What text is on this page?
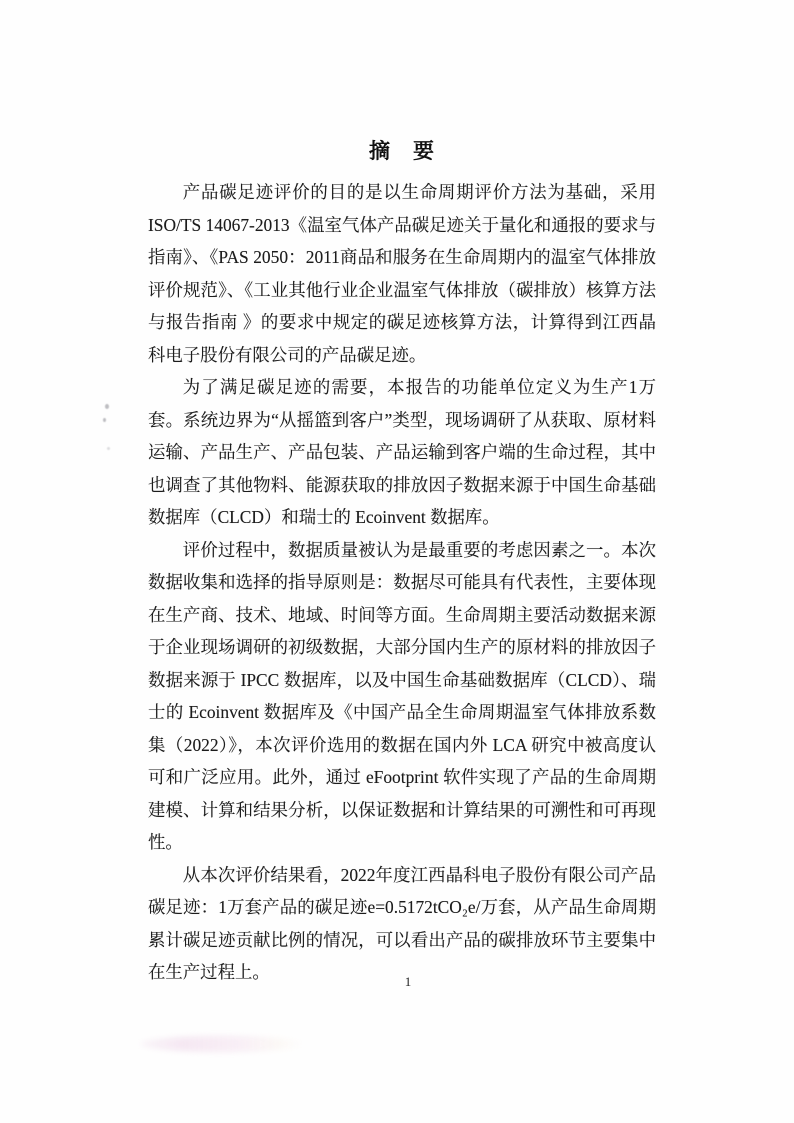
摘　要

产品碳足迹评价的目的是以生命周期评价方法为基础，采用ISO/TS 14067-2013《温室气体产品碳足迹关于量化和通报的要求与指南》、《PAS 2050：2011商品和服务在生命周期内的温室气体排放评价规范》、《工业其他行业企业温室气体排放（碳排放）核算方法与报告指南 》的要求中规定的碳足迹核算方法，计算得到江西晶科电子股份有限公司的产品碳足迹。

为了满足碳足迹的需要，本报告的功能单位定义为生产1万套。系统边界为“从摇篮到客户”类型，现场调研了从获取、原材料运输、产品生产、产品包装、产品运输到客户端的生命过程，其中也调查了其他物料、能源获取的排放因子数据来源于中国生命基础数据库（CLCD）和瑞士的 Ecoinvent 数据库。

评价过程中，数据质量被认为是最重要的考虑因素之一。本次数据收集和选择的指导原则是：数据尽可能具有代表性，主要体现在生产商、技术、地域、时间等方面。生命周期主要活动数据来源于企业现场调研的初级数据，大部分国内生产的原材料的排放因子数据来源于 IPCC 数据库，以及中国生命基础数据库（CLCD）、瑞士的 Ecoinvent 数据库及《中国产品全生命周期温室气体排放系数集（2022）》，本次评价选用的数据在国内外 LCA 研究中被高度认可和广泛应用。此外，通过 eFootprint 软件实现了产品的生命周期建模、计算和结果分析，以保证数据和计算结果的可溯性和可再现性。

从本次评价结果看，2022年度江西晶科电子股份有限公司产品碳足迹：1万套产品的碳足迹e=0.5172tCO₂e/万套，从产品生命周期累计碳足迹贡献比例的情况，可以看出产品的碳排放环节主要集中在生产过程上。	1
